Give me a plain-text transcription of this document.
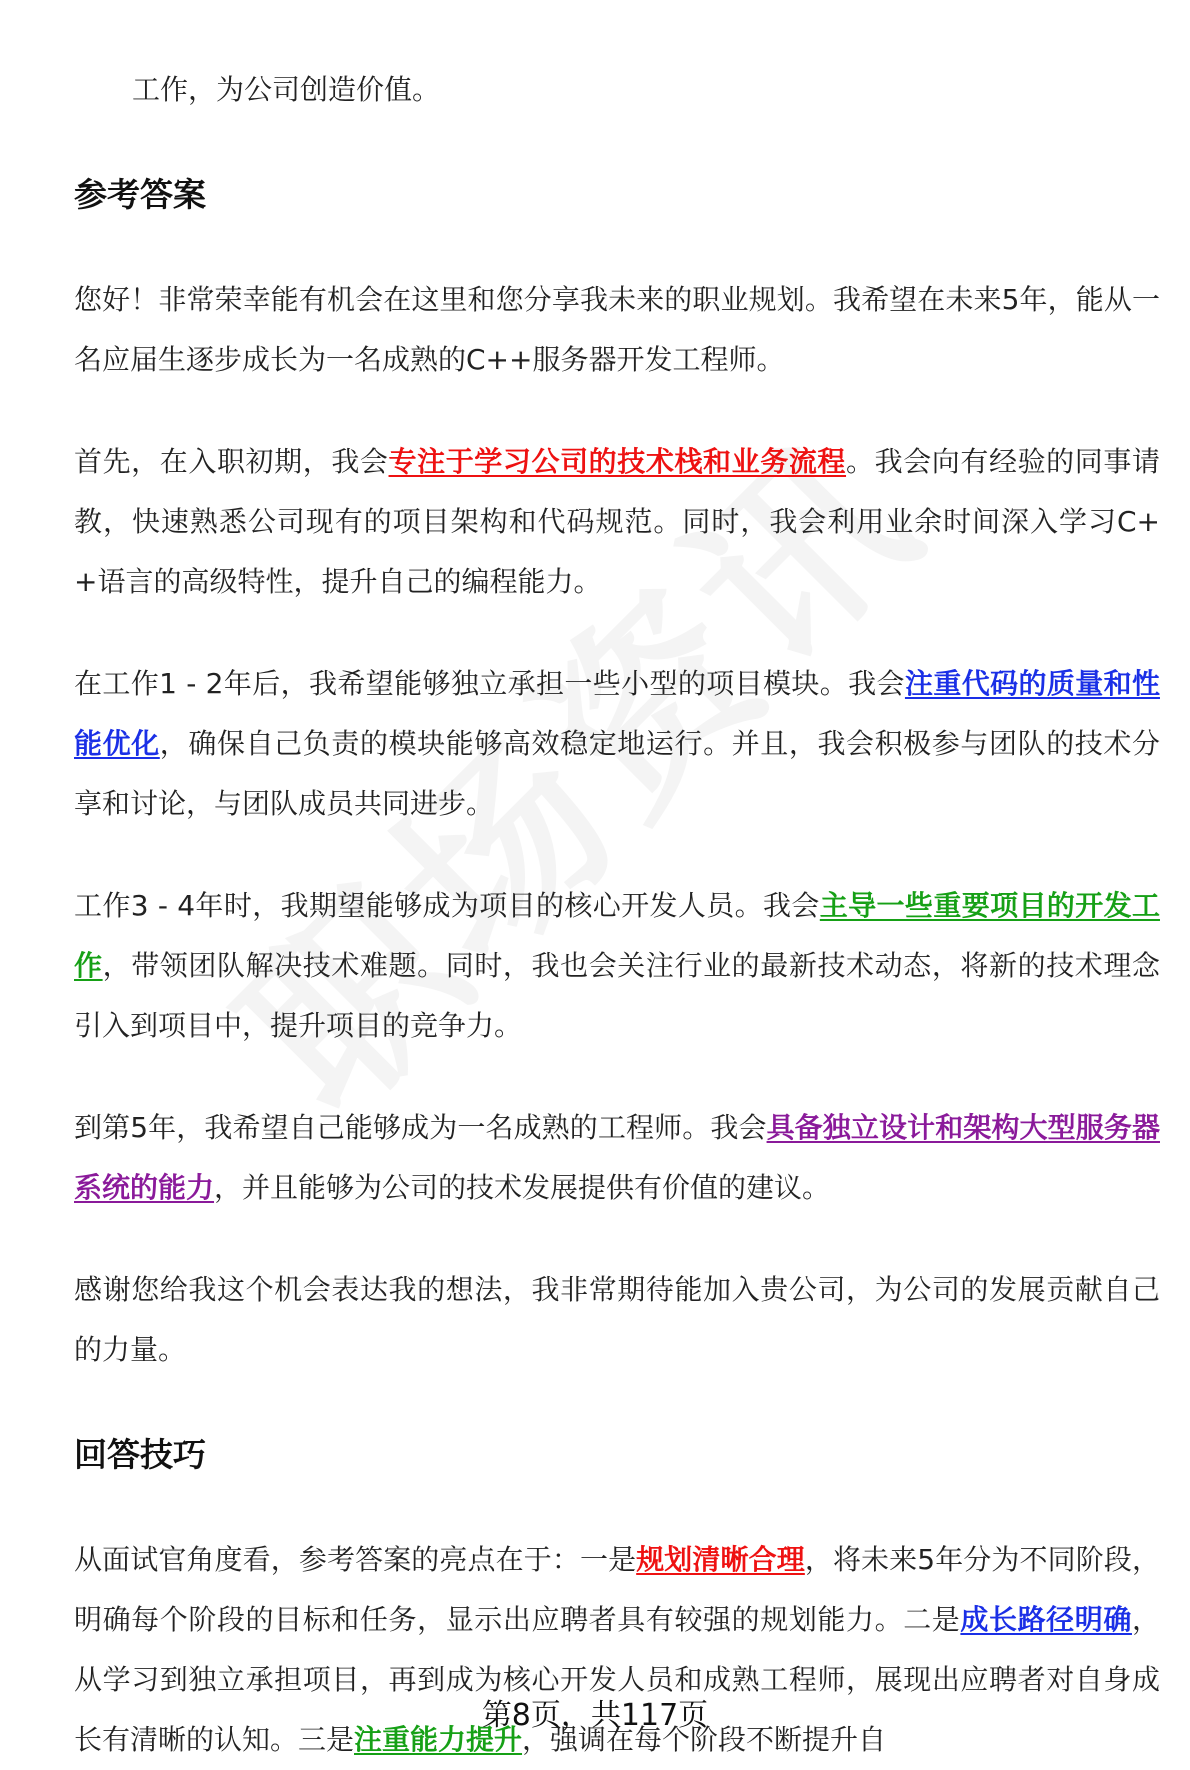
工作，为公司创造价值。

参考答案

您好！非常荣幸能有机会在这里和您分享我未来的职业规划。我希望在未来5年，能从一名应届生逐步成长为一名成熟的C++服务器开发工程师。

首先，在入职初期，我会专注于学习公司的技术栈和业务流程。我会向有经验的同事请教，快速熟悉公司现有的项目架构和代码规范。同时，我会利用业余时间深入学习C++语言的高级特性，提升自己的编程能力。

在工作1 - 2年后，我希望能够独立承担一些小型的项目模块。我会注重代码的质量和性能优化，确保自己负责的模块能够高效稳定地运行。并且，我会积极参与团队的技术分享和讨论，与团队成员共同进步。

工作3 - 4年时，我期望能够成为项目的核心开发人员。我会主导一些重要项目的开发工作，带领团队解决技术难题。同时，我也会关注行业的最新技术动态，将新的技术理念引入到项目中，提升项目的竞争力。

到第5年，我希望自己能够成为一名成熟的工程师。我会具备独立设计和架构大型服务器系统的能力，并且能够为公司的技术发展提供有价值的建议。

感谢您给我这个机会表达我的想法，我非常期待能加入贵公司，为公司的发展贡献自己的力量。

回答技巧

从面试官角度看，参考答案的亮点在于：一是规划清晰合理，将未来5年分为不同阶段，明确每个阶段的目标和任务，显示出应聘者具有较强的规划能力。二是成长路径明确，从学习到独立承担项目，再到成为核心开发人员和成熟工程师，展现出应聘者对自身成长有清晰的认知。三是注重能力提升，强调在每个阶段不断提升自

第8页，共117页
